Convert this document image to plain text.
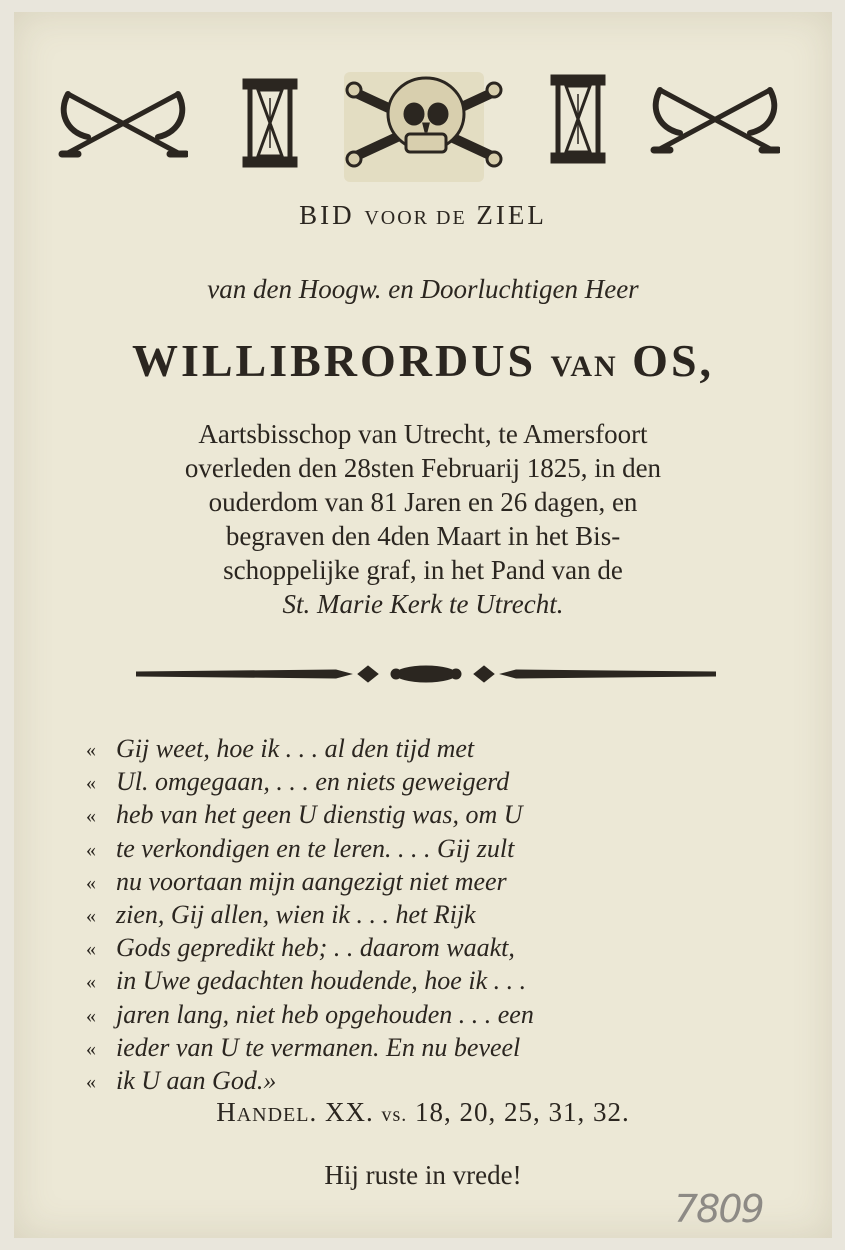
BID VOOR DE ZIEL
van den Hoogw. en Doorluchtigen Heer
WILLIBRORDUS VAN OS,
Aartsbisschop van Utrecht, te Amersfoort
overleden den 28sten Februarij 1825, in den
ouderdom van 81 Jaren en 26 dagen, en
begraven den 4den Maart in het Bis-
schoppelijke graf, in het Pand van de
St. Marie Kerk te Utrecht.
« Gij weet, hoe ik . . . al den tijd met
« Ul. omgegaan, . . . en niets geweigerd
« heb van het geen U dienstig was, om U
« te verkondigen en te leren. . . . Gij zult
« nu voortaan mijn aangezigt niet meer
« zien, Gij allen, wien ik . . . het Rijk
« Gods gepredikt heb; . . daarom waakt,
« in Uwe gedachten houdende, hoe ik . . .
« jaren lang, niet heb opgehouden . . . een
« ieder van U te vermanen. En nu beveel
« ik U aan God.»
HANDEL. XX. vs. 18, 20, 25, 31, 32.
Hij ruste in vrede!
7809
